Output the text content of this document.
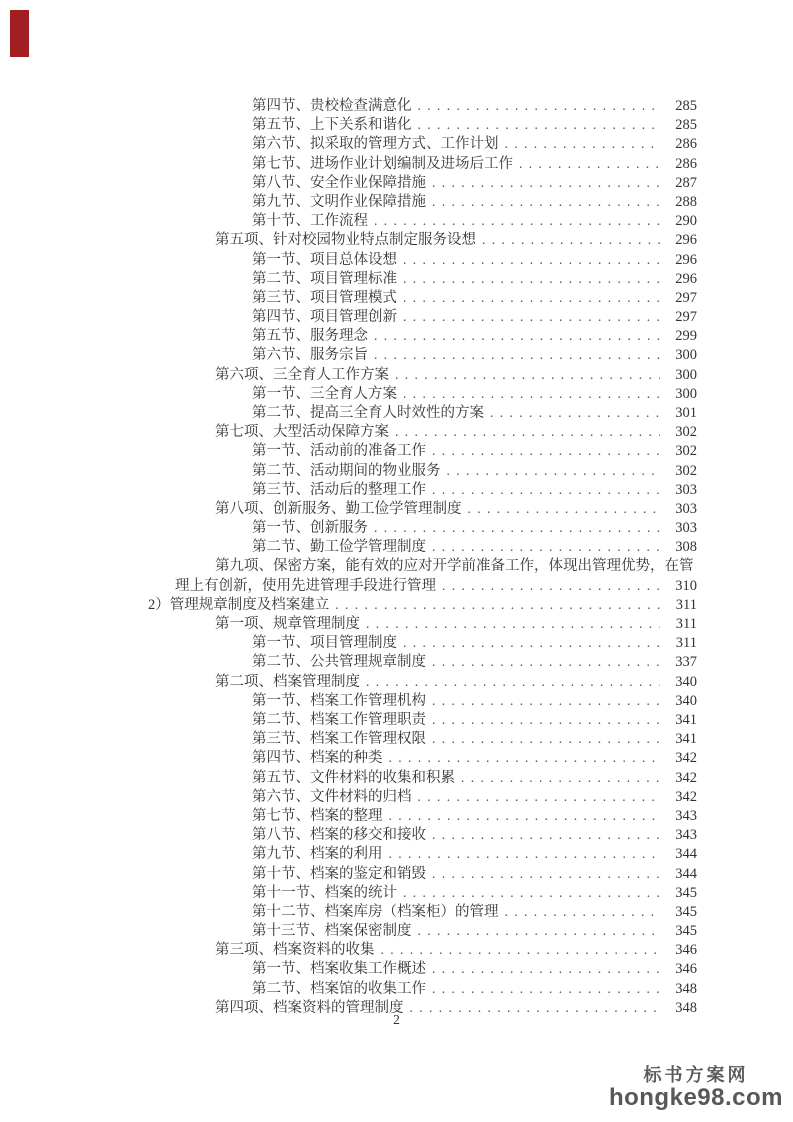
第四节、贵校检查满意化 . . .	285
第五节、上下关系和谐化 . . .	285
第六节、拟采取的管理方式、工作计划 . . .	286
第七节、进场作业计划编制及进场后工作 . . .	286
第八节、安全作业保障措施 . . .	287
第九节、文明作业保障措施 . . .	288
第十节、工作流程 . . .	290
第五项、针对校园物业特点制定服务设想 . . .	296
第一节、项目总体设想 . . .	296
第二节、项目管理标准 . . .	296
第三节、项目管理模式 . . .	297
第四节、项目管理创新 . . .	297
第五节、服务理念 . . .	299
第六节、服务宗旨 . . .	300
第六项、三全育人工作方案 . . .	300
第一节、三全育人方案 . . .	300
第二节、提高三全育人时效性的方案 . . .	301
第七项、大型活动保障方案 . . .	302
第一节、活动前的准备工作 . . .	302
第二节、活动期间的物业服务 . . .	302
第三节、活动后的整理工作 . . .	303
第八项、创新服务、勤工俭学管理制度 . . .	303
第一节、创新服务 . . .	303
第二节、勤工俭学管理制度 . . .	308
第九项、保密方案，能有效的应对开学前准备工作，体现出管理优势，在管
理上有创新，使用先进管理手段进行管理 . . .	310
2）管理规章制度及档案建立 . . .	311
第一项、规章管理制度 . . .	311
第一节、项目管理制度 . . .	311
第二节、公共管理规章制度 . . .	337
第二项、档案管理制度 . . .	340
第一节、档案工作管理机构 . . .	340
第二节、档案工作管理职责 . . .	341
第三节、档案工作管理权限 . . .	341
第四节、档案的种类 . . .	342
第五节、文件材料的收集和积累 . . .	342
第六节、文件材料的归档 . . .	342
第七节、档案的整理 . . .	343
第八节、档案的移交和接收 . . .	343
第九节、档案的利用 . . .	344
第十节、档案的鉴定和销毁 . . .	344
第十一节、档案的统计 . . .	345
第十二节、档案库房（档案柜）的管理 . . .	345
第十三节、档案保密制度 . . .	345
第三项、档案资料的收集 . . .	346
第一节、档案收集工作概述 . . .	346
第二节、档案馆的收集工作 . . .	348
第四项、档案资料的管理制度 . . .	348
2
标书方案网
hongke98.com
